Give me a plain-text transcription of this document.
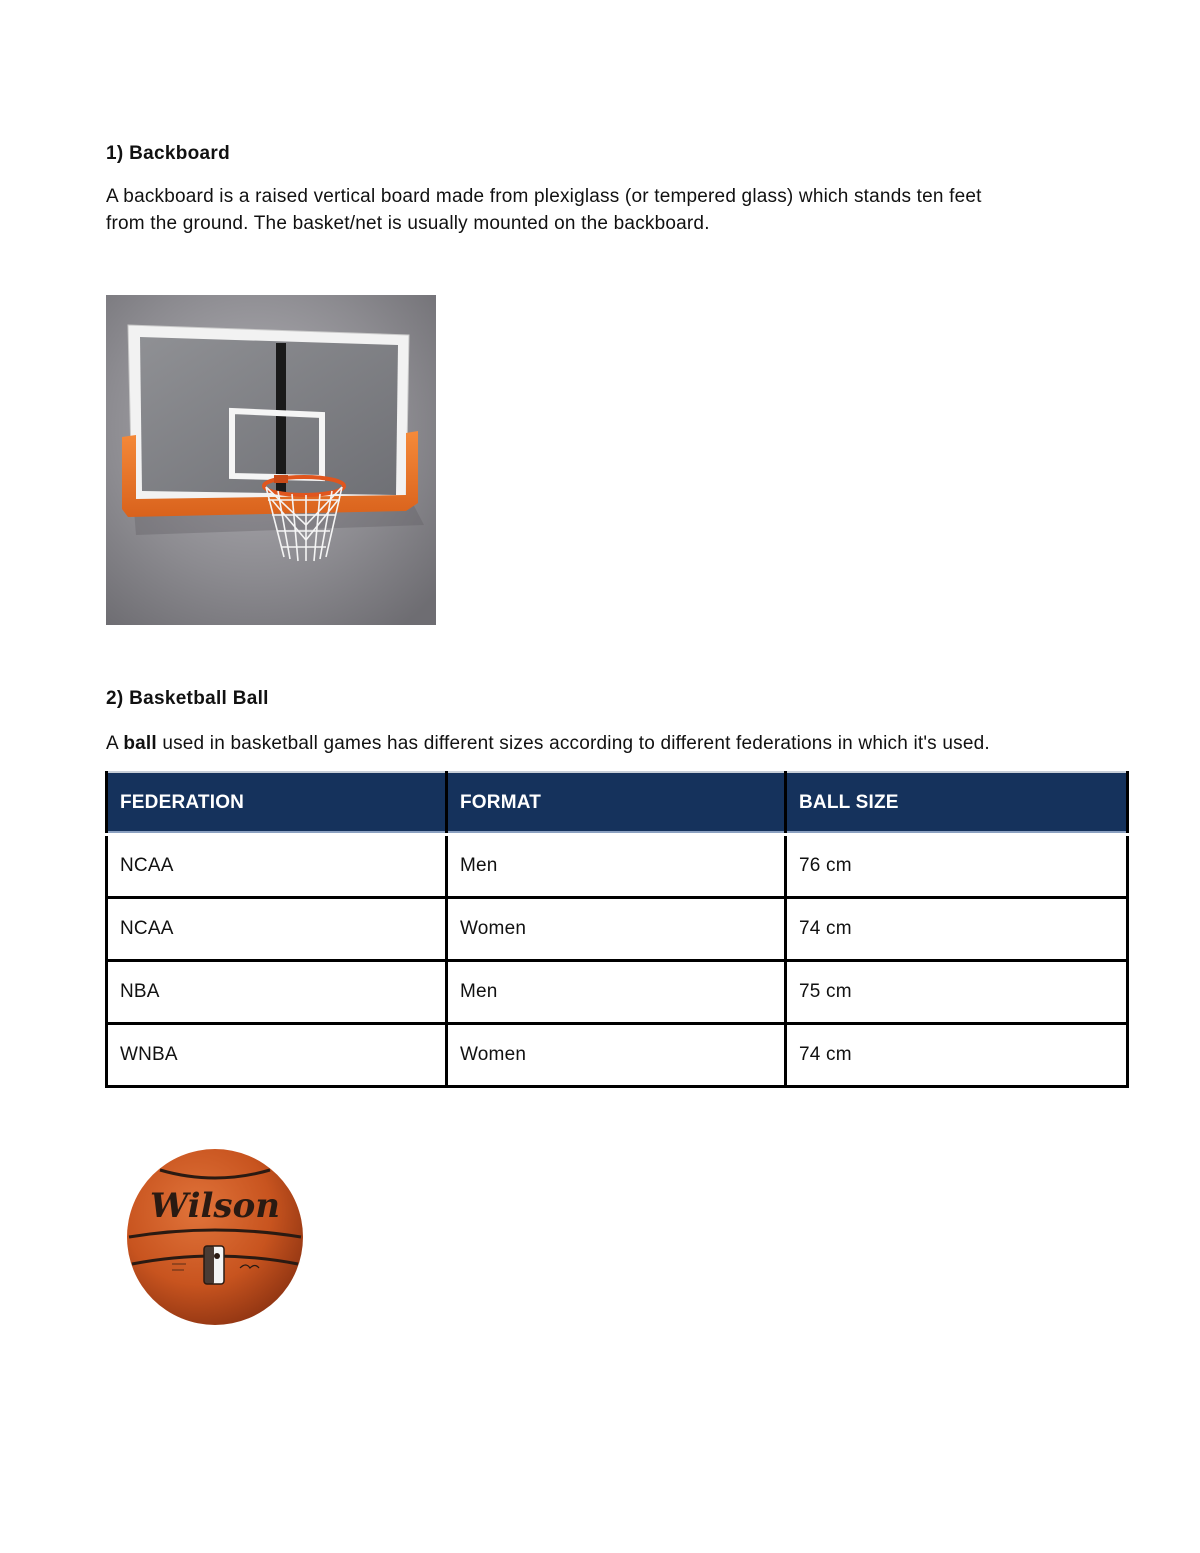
1) Backboard
A backboard is a raised vertical board made from plexiglass (or tempered glass) which stands ten feet
from the ground. The basket/net is usually mounted on the backboard.
2) Basketball Ball
A ball used in basketball games has different sizes according to different federations in which it's used.
FEDERATION	FORMAT	BALL SIZE
NCAA	Men	76 cm
NCAA	Women	74 cm
NBA	Men	75 cm
WNBA	Women	74 cm
Wilson
